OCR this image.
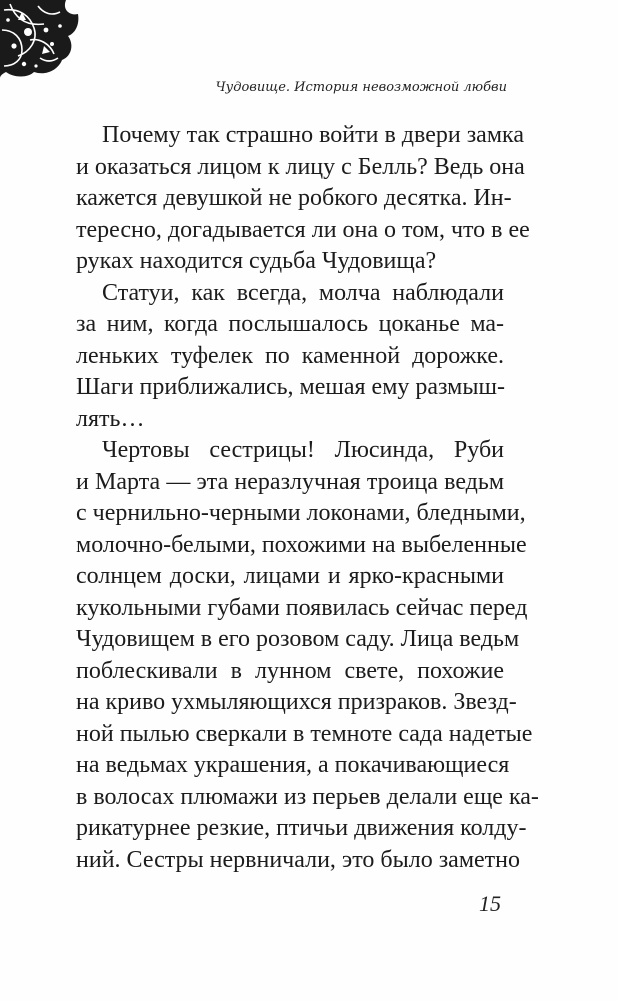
Чудовище. История невозможной любви
Почему так страшно войти в двери замка
и оказаться лицом к лицу с Белль? Ведь она
кажется девушкой не робкого десятка. Ин-
тересно, догадывается ли она о том, что в ее
руках находится судьба Чудовища?
Статуи, как всегда, молча наблюдали
за ним, когда послышалось цоканье ма-
леньких туфелек по каменной дорожке.
Шаги приближались, мешая ему размыш-
лять…
Чертовы сестрицы! Люсинда, Руби
и Марта — эта неразлучная троица ведьм
с чернильно-черными локонами, бледными,
молочно-белыми, похожими на выбеленные
солнцем доски, лицами и ярко-красными
кукольными губами появилась сейчас перед
Чудовищем в его розовом саду. Лица ведьм
поблескивали в лунном свете, похожие
на криво ухмыляющихся призраков. Звезд-
ной пылью сверкали в темноте сада надетые
на ведьмах украшения, а покачивающиеся
в волосах плюмажи из перьев делали еще ка-
рикатурнее резкие, птичьи движения колду-
ний. Сестры нервничали, это было заметно
15
